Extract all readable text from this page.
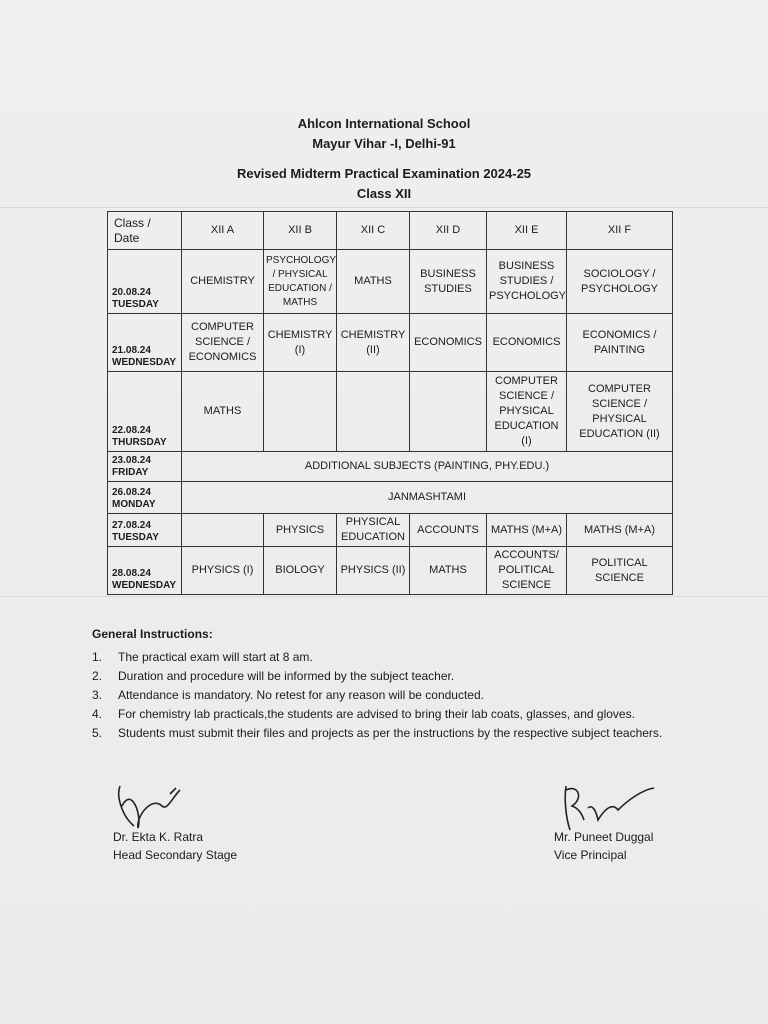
Ahlcon International School
Mayur Vihar -I, Delhi-91
Revised Midterm Practical Examination 2024-25
Class XII
Class / Date	XII A	XII B	XII C	XII D	XII E	XII F
20.08.24
TUESDAY	CHEMISTRY	PSYCHOLOGY / PHYSICAL EDUCATION / MATHS	MATHS	BUSINESS STUDIES	BUSINESS STUDIES / PSYCHOLOGY	SOCIOLOGY / PSYCHOLOGY
21.08.24
WEDNESDAY	COMPUTER SCIENCE / ECONOMICS	CHEMISTRY (I)	CHEMISTRY (II)	ECONOMICS	ECONOMICS	ECONOMICS / PAINTING
22.08.24
THURSDAY	MATHS				COMPUTER SCIENCE / PHYSICAL EDUCATION (I)	COMPUTER SCIENCE / PHYSICAL EDUCATION (II)
23.08.24
FRIDAY	ADDITIONAL SUBJECTS (PAINTING, PHY.EDU.)					
26.08.24
MONDAY	JANMASHTAMI					
27.08.24
TUESDAY		PHYSICS	PHYSICAL EDUCATION	ACCOUNTS	MATHS (M+A)	MATHS (M+A)
28.08.24
WEDNESDAY	PHYSICS (I)	BIOLOGY	PHYSICS (II)	MATHS	ACCOUNTS/ POLITICAL SCIENCE	POLITICAL SCIENCE
General Instructions:
1.	The practical exam will start at 8 am.
2.	Duration and procedure will be informed by the subject teacher.
3.	Attendance is mandatory. No retest for any reason will be conducted.
4.	For chemistry lab practicals,the students are advised to bring their lab coats, glasses, and gloves.
5.	Students must submit their files and projects as per the instructions by the respective subject teachers.
Dr. Ekta K. Ratra
Head Secondary Stage
Mr. Puneet Duggal
Vice Principal
